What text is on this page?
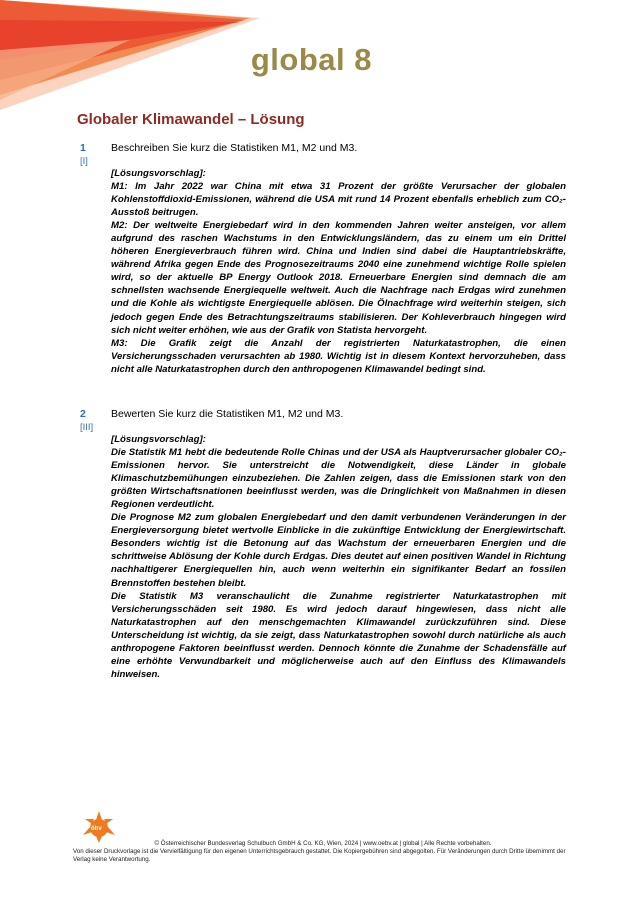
global 8
Globaler Klimawandel – Lösung
1
[I]
Beschreiben Sie kurz die Statistiken M1, M2 und M3.

[Lösungsvorschlag]:

M1: Im Jahr 2022 war China mit etwa 31 Prozent der größte Verursacher der globalen Kohlenstoffdioxid-Emissionen, während die USA mit rund 14 Prozent ebenfalls erheblich zum CO₂-Ausstoß beitrugen.

M2: Der weltweite Energiebedarf wird in den kommenden Jahren weiter ansteigen, vor allem aufgrund des raschen Wachstums in den Entwicklungsländern, das zu einem um ein Drittel höheren Energieverbrauch führen wird. China und Indien sind dabei die Hauptantriebskräfte, während Afrika gegen Ende des Prognosezeitraums 2040 eine zunehmend wichtige Rolle spielen wird, so der aktuelle BP Energy Outlook 2018. Erneuerbare Energien sind demnach die am schnellsten wachsende Energiequelle weltweit. Auch die Nachfrage nach Erdgas wird zunehmen und die Kohle als wichtigste Energiequelle ablösen. Die Ölnachfrage wird weiterhin steigen, sich jedoch gegen Ende des Betrachtungszeitraums stabilisieren. Der Kohleverbrauch hingegen wird sich nicht weiter erhöhen, wie aus der Grafik von Statista hervorgeht.

M3: Die Grafik zeigt die Anzahl der registrierten Naturkatastrophen, die einen Versicherungsschaden verursachten ab 1980. Wichtig ist in diesem Kontext hervorzuheben, dass nicht alle Naturkatastrophen durch den anthropogenen Klimawandel bedingt sind.

2
[III]
Bewerten Sie kurz die Statistiken M1, M2 und M3.

[Lösungsvorschlag]:

Die Statistik M1 hebt die bedeutende Rolle Chinas und der USA als Hauptverursacher globaler CO₂-Emissionen hervor. Sie unterstreicht die Notwendigkeit, diese Länder in globale Klimaschutzbemühungen einzubeziehen. Die Zahlen zeigen, dass die Emissionen stark von den größten Wirtschaftsnationen beeinflusst werden, was die Dringlichkeit von Maßnahmen in diesen Regionen verdeutlicht.

Die Prognose M2 zum globalen Energiebedarf und den damit verbundenen Veränderungen in der Energieversorgung bietet wertvolle Einblicke in die zukünftige Entwicklung der Energiewirtschaft. Besonders wichtig ist die Betonung auf das Wachstum der erneuerbaren Energien und die schrittweise Ablösung der Kohle durch Erdgas. Dies deutet auf einen positiven Wandel in Richtung nachhaltigerer Energiequellen hin, auch wenn weiterhin ein signifikanter Bedarf an fossilen Brennstoffen bestehen bleibt.

Die Statistik M3 veranschaulicht die Zunahme registrierter Naturkatastrophen mit Versicherungsschäden seit 1980. Es wird jedoch darauf hingewiesen, dass nicht alle Naturkatastrophen auf den menschgemachten Klimawandel zurückzuführen sind. Diese Unterscheidung ist wichtig, da sie zeigt, dass Naturkatastrophen sowohl durch natürliche als auch anthropogene Faktoren beeinflusst werden. Dennoch könnte die Zunahme der Schadensfälle auf eine erhöhte Verwundbarkeit und möglicherweise auch auf den Einfluss des Klimawandels hinweisen.

öbv
© Österreichischer Bundesverlag Schulbuch GmbH & Co. KG, Wien, 2024 | www.oebv.at | global | Alle Rechte vorbehalten.
Von dieser Druckvorlage ist die Vervielfältigung für den eigenen Unterrichtsgebrauch gestattet. Die Kopiergebühren sind abgegolten. Für Veränderungen durch Dritte übernimmt der Verlag keine Verantwortung.
